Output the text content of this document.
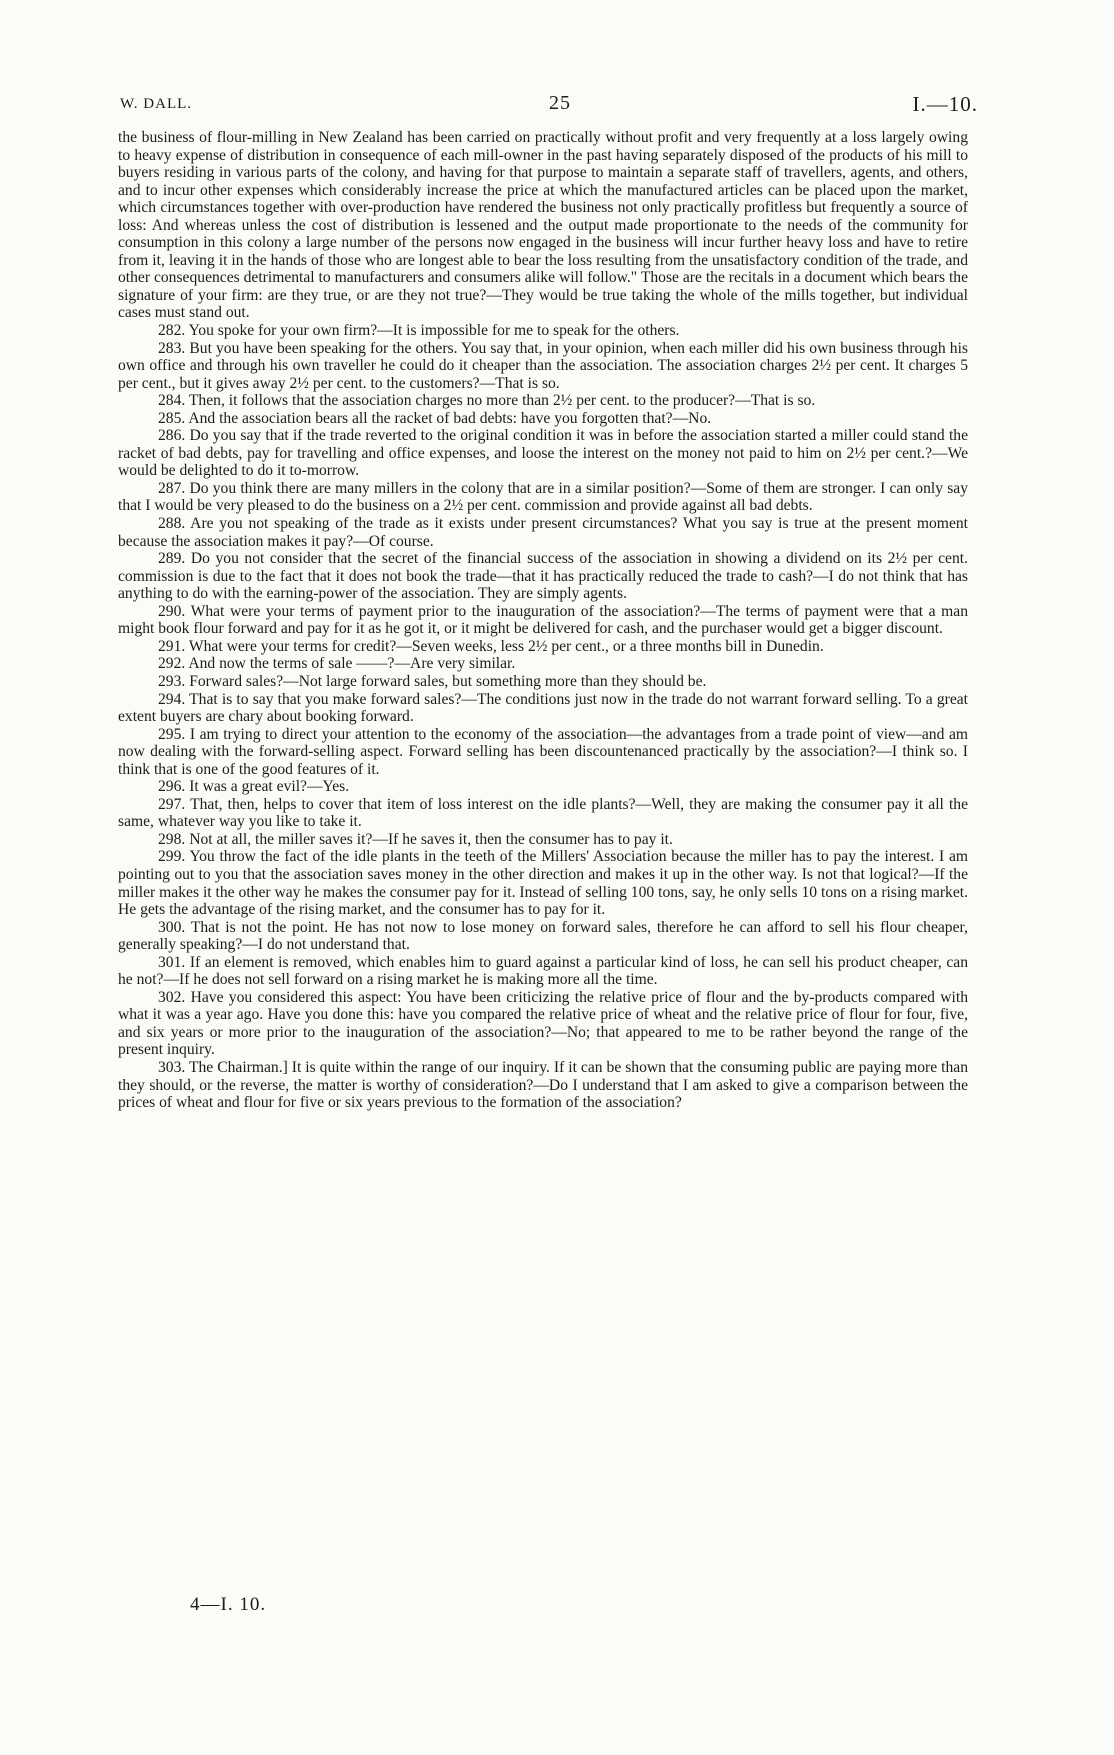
W. DALL.	25	I.—10.

the business of flour-milling in New Zealand has been carried on practically without profit and very frequently at a loss largely owing to heavy expense of distribution in consequence of each mill-owner in the past having separately disposed of the products of his mill to buyers residing in various parts of the colony, and having for that purpose to maintain a separate staff of travellers, agents, and others, and to incur other expenses which considerably increase the price at which the manufactured articles can be placed upon the market, which circumstances together with over-production have rendered the business not only practically profitless but frequently a source of loss: And whereas unless the cost of distribution is lessened and the output made proportionate to the needs of the community for consumption in this colony a large number of the persons now engaged in the business will incur further heavy loss and have to retire from it, leaving it in the hands of those who are longest able to bear the loss resulting from the unsatisfactory condition of the trade, and other consequences detrimental to manufacturers and consumers alike will follow." Those are the recitals in a document which bears the signature of your firm: are they true, or are they not true?—They would be true taking the whole of the mills together, but individual cases must stand out.

282. You spoke for your own firm?—It is impossible for me to speak for the others.

283. But you have been speaking for the others. You say that, in your opinion, when each miller did his own business through his own office and through his own traveller he could do it cheaper than the association. The association charges 2½ per cent. It charges 5 per cent., but it gives away 2½ per cent. to the customers?—That is so.

284. Then, it follows that the association charges no more than 2½ per cent. to the producer?—That is so.

285. And the association bears all the racket of bad debts: have you forgotten that?—No.

286. Do you say that if the trade reverted to the original condition it was in before the association started a miller could stand the racket of bad debts, pay for travelling and office expenses, and loose the interest on the money not paid to him on 2½ per cent.?—We would be delighted to do it to-morrow.

287. Do you think there are many millers in the colony that are in a similar position?—Some of them are stronger. I can only say that I would be very pleased to do the business on a 2½ per cent. commission and provide against all bad debts.

288. Are you not speaking of the trade as it exists under present circumstances? What you say is true at the present moment because the association makes it pay?—Of course.

289. Do you not consider that the secret of the financial success of the association in showing a dividend on its 2½ per cent. commission is due to the fact that it does not book the trade—that it has practically reduced the trade to cash?—I do not think that has anything to do with the earning-power of the association. They are simply agents.

290. What were your terms of payment prior to the inauguration of the association?—The terms of payment were that a man might book flour forward and pay for it as he got it, or it might be delivered for cash, and the purchaser would get a bigger discount.

291. What were your terms for credit?—Seven weeks, less 2½ per cent., or a three months bill in Dunedin.

292. And now the terms of sale ——?—Are very similar.

293. Forward sales?—Not large forward sales, but something more than they should be.

294. That is to say that you make forward sales?—The conditions just now in the trade do not warrant forward selling. To a great extent buyers are chary about booking forward.

295. I am trying to direct your attention to the economy of the association—the advantages from a trade point of view—and am now dealing with the forward-selling aspect. Forward selling has been discountenanced practically by the association?—I think so. I think that is one of the good features of it.

296. It was a great evil?—Yes.

297. That, then, helps to cover that item of loss interest on the idle plants?—Well, they are making the consumer pay it all the same, whatever way you like to take it.

298. Not at all, the miller saves it?—If he saves it, then the consumer has to pay it.

299. You throw the fact of the idle plants in the teeth of the Millers' Association because the miller has to pay the interest. I am pointing out to you that the association saves money in the other direction and makes it up in the other way. Is not that logical?—If the miller makes it the other way he makes the consumer pay for it. Instead of selling 100 tons, say, he only sells 10 tons on a rising market. He gets the advantage of the rising market, and the consumer has to pay for it.

300. That is not the point. He has not now to lose money on forward sales, therefore he can afford to sell his flour cheaper, generally speaking?—I do not understand that.

301. If an element is removed, which enables him to guard against a particular kind of loss, he can sell his product cheaper, can he not?—If he does not sell forward on a rising market he is making more all the time.

302. Have you considered this aspect: You have been criticizing the relative price of flour and the by-products compared with what it was a year ago. Have you done this: have you compared the relative price of wheat and the relative price of flour for four, five, and six years or more prior to the inauguration of the association?—No; that appeared to me to be rather beyond the range of the present inquiry.

303. The Chairman.] It is quite within the range of our inquiry. If it can be shown that the consuming public are paying more than they should, or the reverse, the matter is worthy of consideration?—Do I understand that I am asked to give a comparison between the prices of wheat and flour for five or six years previous to the formation of the association?

4—I. 10.
